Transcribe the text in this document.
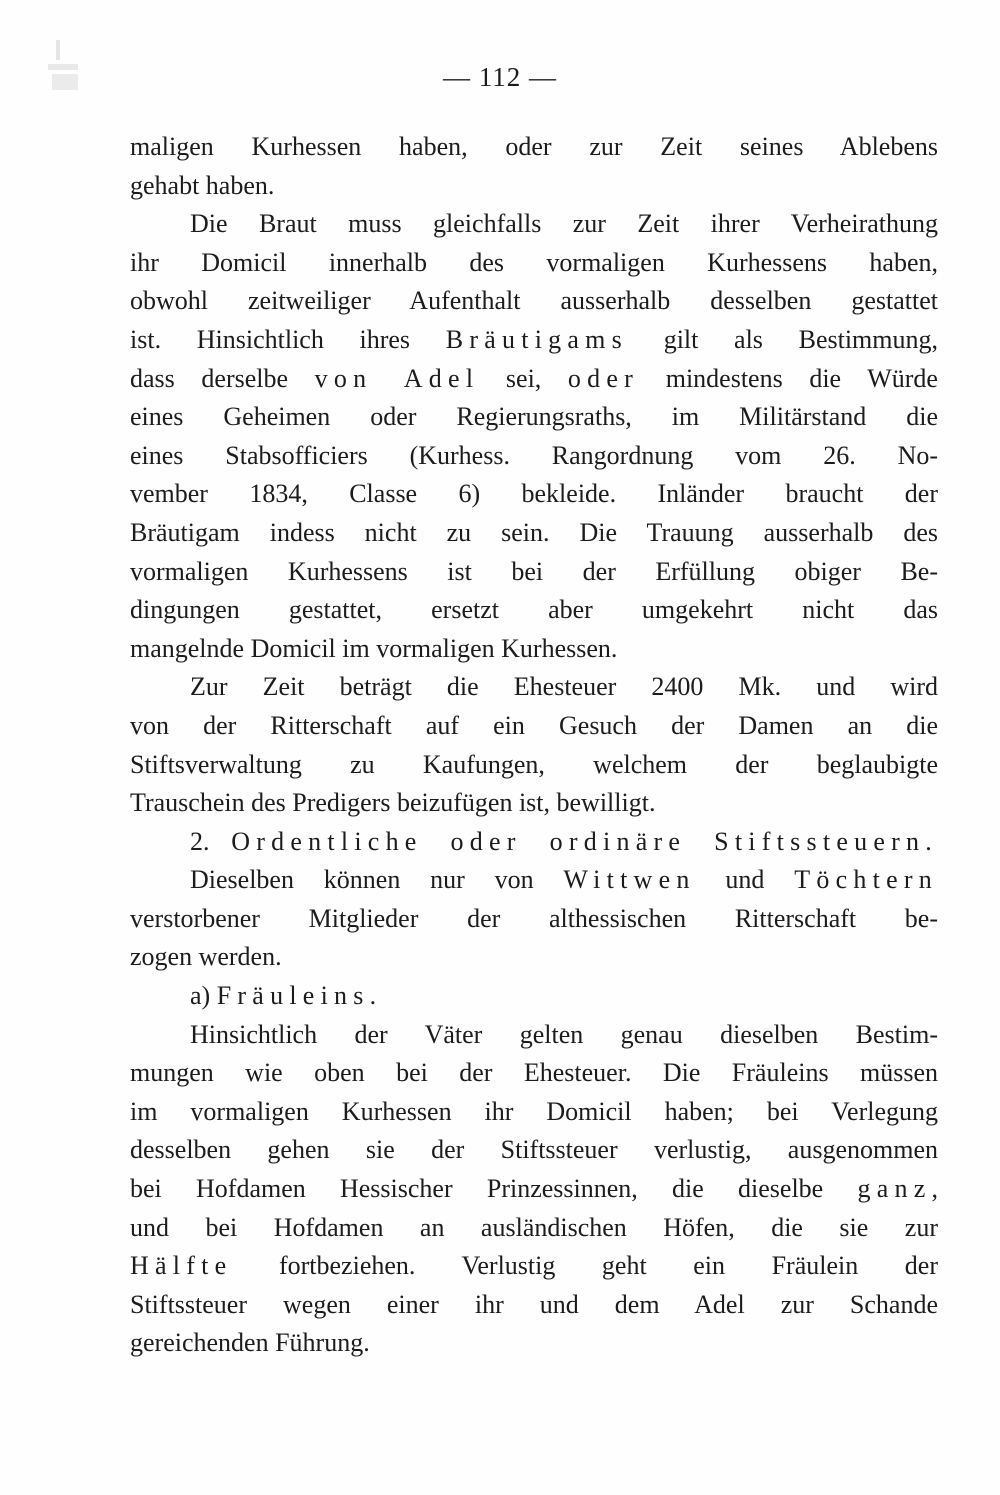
— 112 —
maligen Kurhessen haben, oder zur Zeit seines Ablebens
gehabt haben.
Die Braut muss gleichfalls zur Zeit ihrer Verheirathung
ihr Domicil innerhalb des vormaligen Kurhessens haben,
obwohl zeitweiliger Aufenthalt ausserhalb desselben gestattet
ist. Hinsichtlich ihres Bräutigams gilt als Bestimmung,
dass derselbe von Adel sei, oder mindestens die Würde
eines Geheimen oder Regierungsraths, im Militärstand die
eines Stabsofficiers (Kurhess. Rangordnung vom 26. No-
vember 1834, Classe 6) bekleide. Inländer braucht der
Bräutigam indess nicht zu sein. Die Trauung ausserhalb des
vormaligen Kurhessens ist bei der Erfüllung obiger Be-
dingungen gestattet, ersetzt aber umgekehrt nicht das
mangelnde Domicil im vormaligen Kurhessen.
Zur Zeit beträgt die Ehesteuer 2400 Mk. und wird
von der Ritterschaft auf ein Gesuch der Damen an die
Stiftsverwaltung zu Kaufungen, welchem der beglaubigte
Trauschein des Predigers beizufügen ist, bewilligt.
2. Ordentliche oder ordinäre Stiftssteuern.
Dieselben können nur von Wittwen und Töchtern
verstorbener Mitglieder der althessischen Ritterschaft be-
zogen werden.
a) Fräuleins.
Hinsichtlich der Väter gelten genau dieselben Bestim-
mungen wie oben bei der Ehesteuer. Die Fräuleins müssen
im vormaligen Kurhessen ihr Domicil haben; bei Verlegung
desselben gehen sie der Stiftssteuer verlustig, ausgenommen
bei Hofdamen Hessischer Prinzessinnen, die dieselbe ganz,
und bei Hofdamen an ausländischen Höfen, die sie zur
Hälfte fortbeziehen. Verlustig geht ein Fräulein der
Stiftssteuer wegen einer ihr und dem Adel zur Schande
gereichenden Führung.
